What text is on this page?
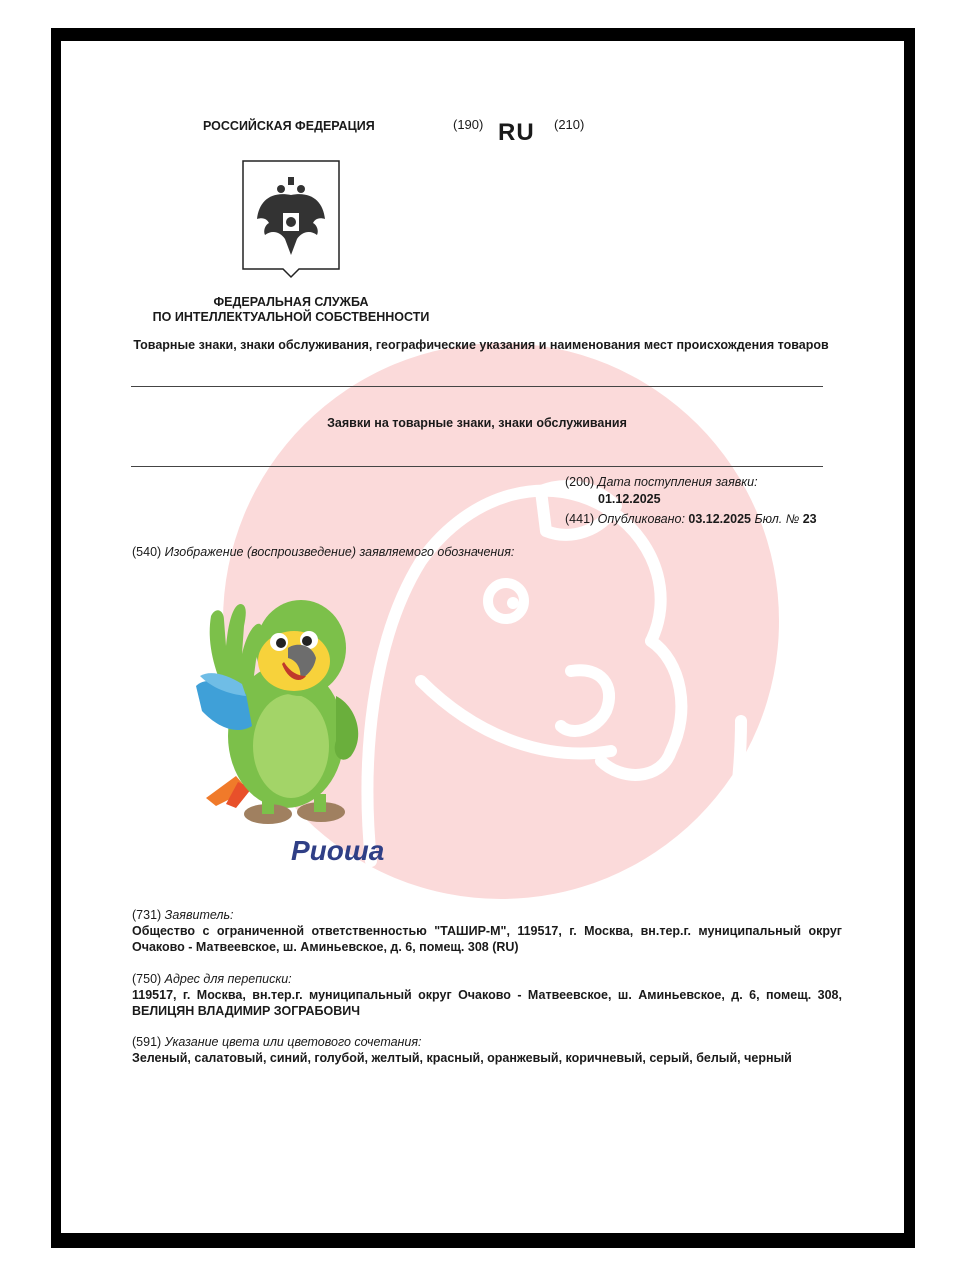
РОССИЙСКАЯ ФЕДЕРАЦИЯ	(190) RU (210)
ФЕДЕРАЛЬНАЯ СЛУЖБА
ПО ИНТЕЛЛЕКТУАЛЬНОЙ СОБСТВЕННОСТИ
Товарные знаки, знаки обслуживания, географические указания и наименования мест происхождения товаров
Заявки на товарные знаки, знаки обслуживания
(200) Дата поступления заявки:
01.12.2025
(441) Опубликовано: 03.12.2025 Бюл. № 23
(540) Изображение (воспроизведение) заявляемого обозначения:
Риоша
(731) Заявитель:
Общество с ограниченной ответственностью "ТАШИР-М", 119517, г. Москва, вн.тер.г. муниципальный округ Очаково - Матвеевское, ш. Аминьевское, д. 6, помещ. 308 (RU)
(750) Адрес для переписки:
119517, г. Москва, вн.тер.г. муниципальный округ Очаково - Матвеевское, ш. Аминьевское, д. 6, помещ. 308, ВЕЛИЦЯН ВЛАДИМИР ЗОГРАБОВИЧ
(591) Указание цвета или цветового сочетания:
Зеленый, салатовый, синий, голубой, желтый, красный, оранжевый, коричневый, серый, белый, черный
